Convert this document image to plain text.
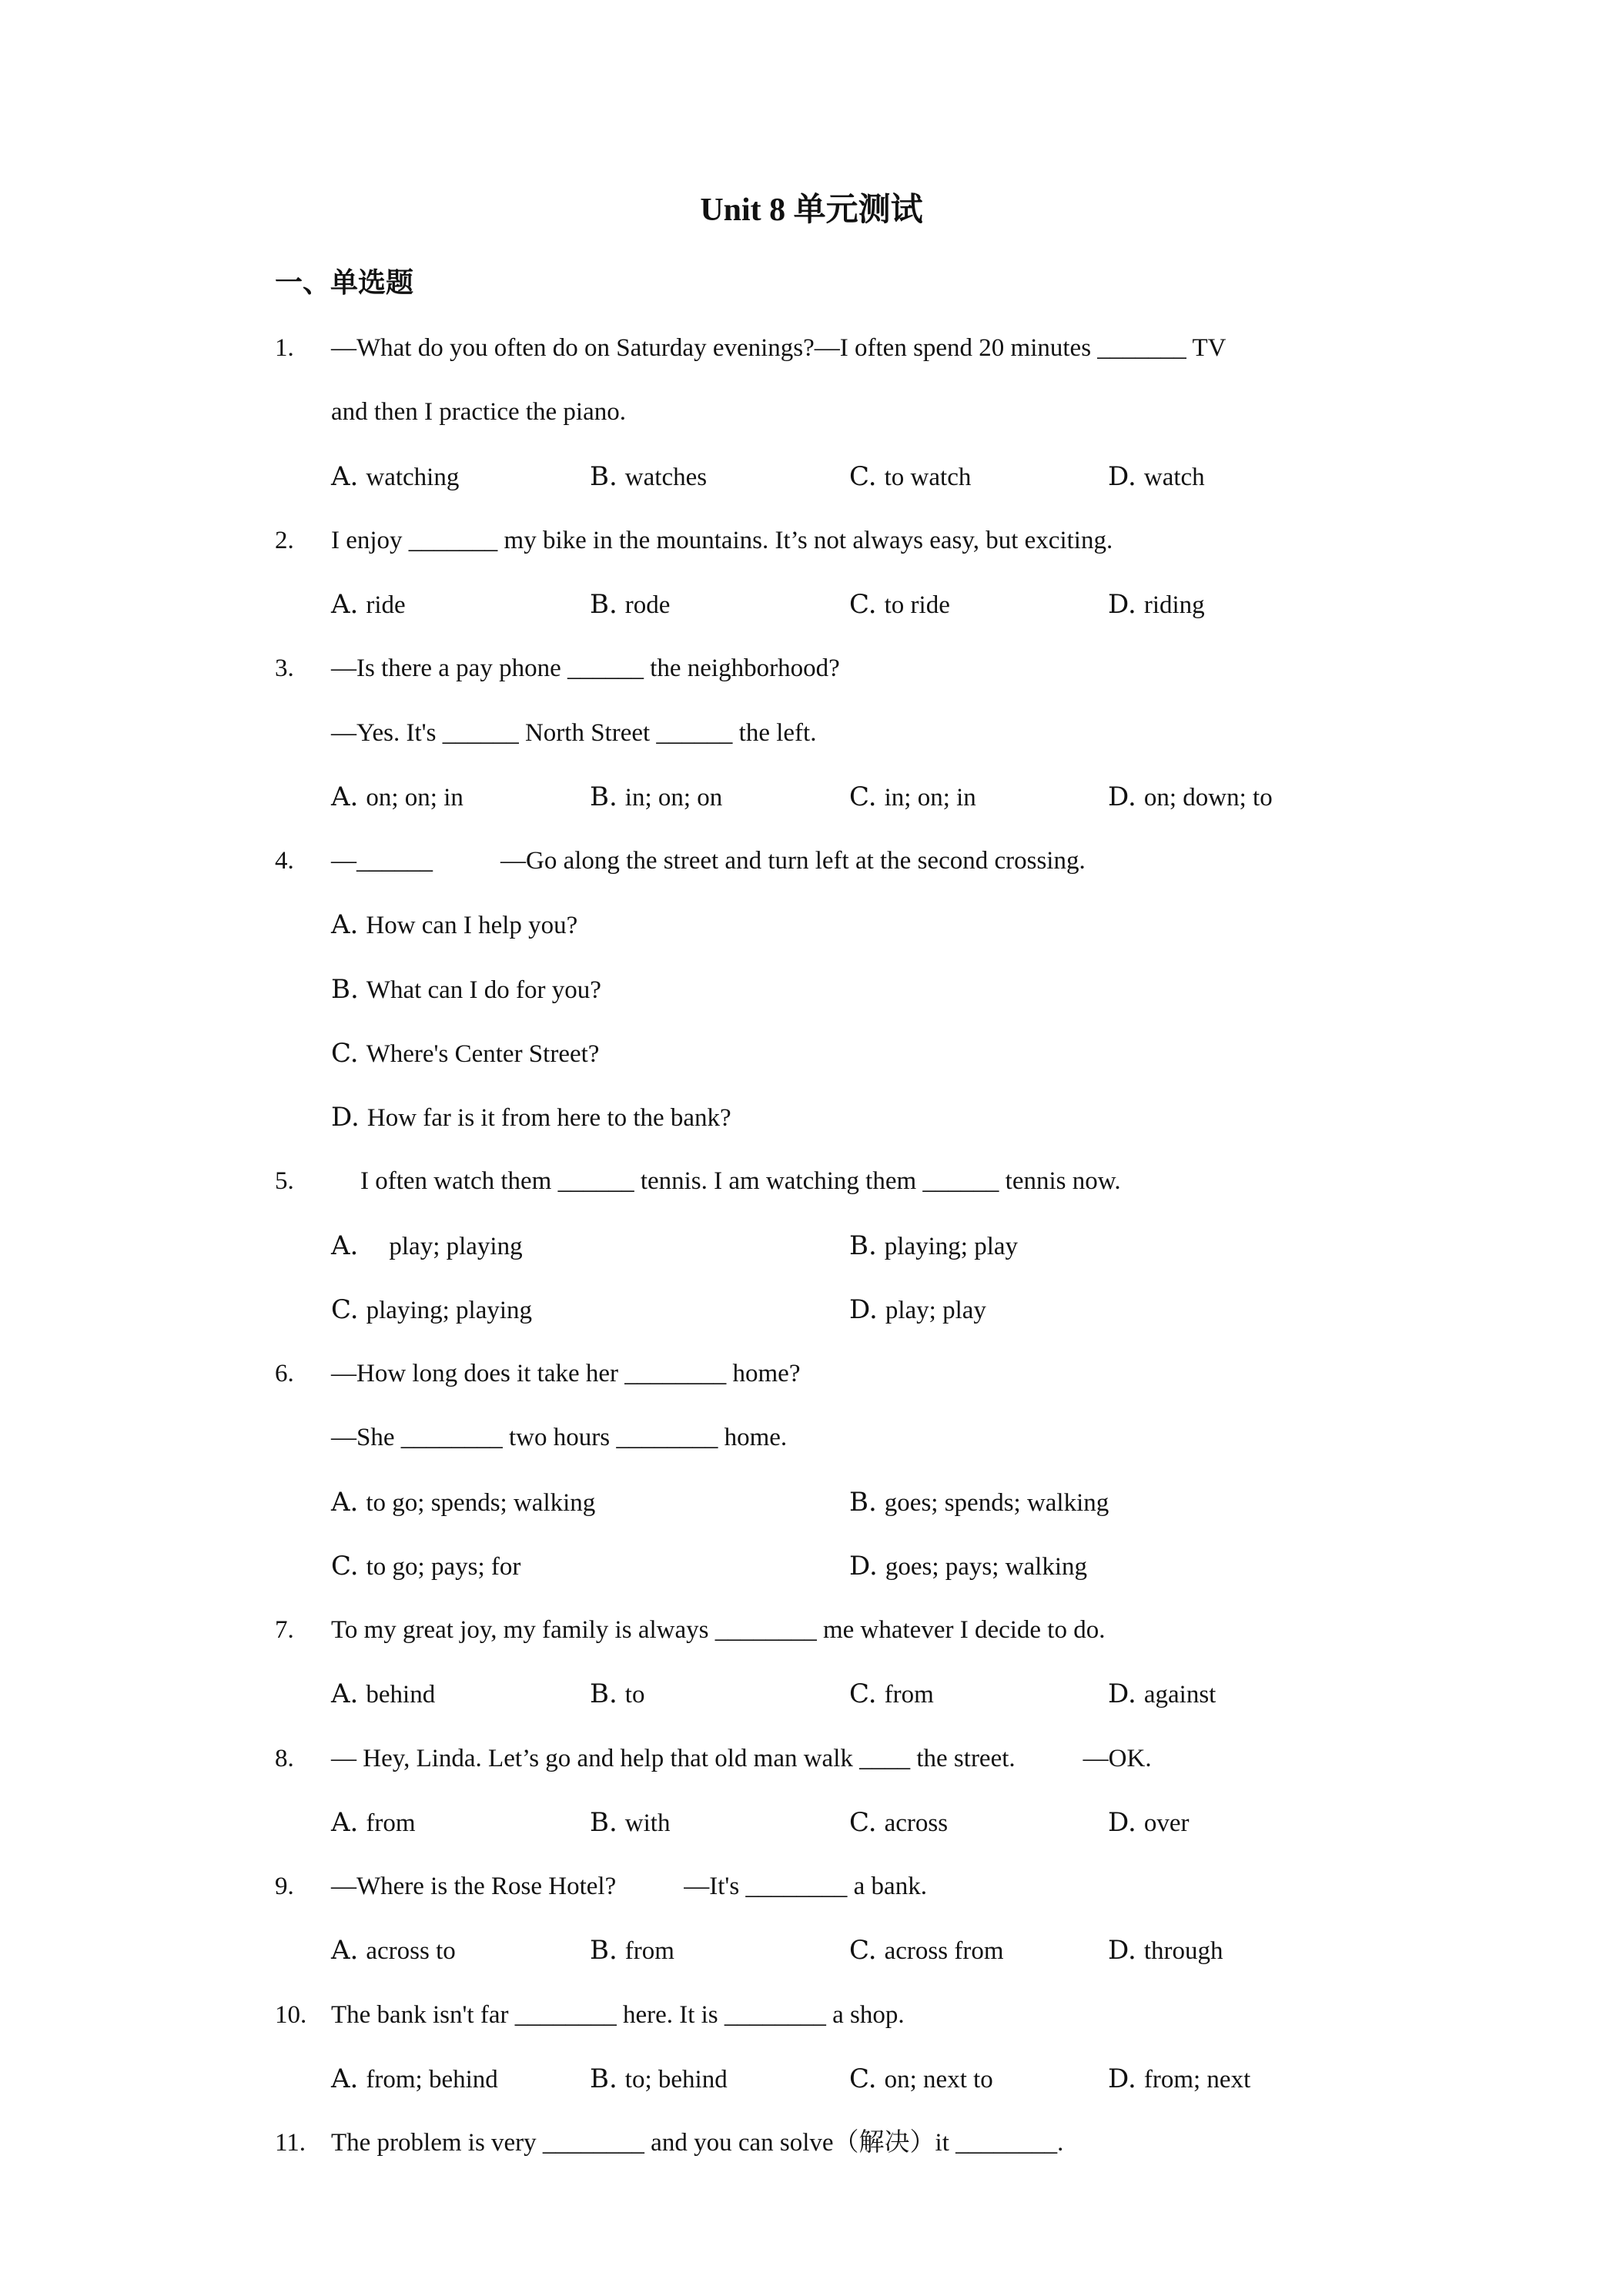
Unit 8 单元测试
一、单选题
1. —What do you often do on Saturday evenings?—I often spend 20 minutes _______ TV
and then I practice the piano.
A. watching	B. watches	C. to watch	D. watch
2. I enjoy _______ my bike in the mountains. It’s not always easy, but exciting.
A. ride	B. rode	C. to ride	D. riding
3. —Is there a pay phone ______ the neighborhood?
—Yes. It's ______ North Street ______ the left.
A. on; on; in	B. in; on; on	C. in; on; in	D. on; down; to
4. —______	—Go along the street and turn left at the second crossing.
A. How can I help you?
B. What can I do for you?
C. Where's Center Street?
D. How far is it from here to the bank?
5.	I often watch them ______ tennis. I am watching them ______ tennis now.
A. play; playing	B. playing; play
C. playing; playing	D. play; play
6. —How long does it take her ________ home?
—She ________ two hours ________ home.
A. to go; spends; walking	B. goes; spends; walking
C. to go; pays; for	D. goes; pays; walking
7. To my great joy, my family is always ________ me whatever I decide to do.
A. behind	B. to	C. from	D. against
8. — Hey, Linda. Let’s go and help that old man walk ____ the street.	—OK.
A. from	B. with	C. across	D. over
9. —Where is the Rose Hotel?	—It's ________ a bank.
A. across to	B. from	C. across from	D. through
10. The bank isn't far ________ here. It is ________ a shop.
A. from; behind	B. to; behind	C. on; next to	D. from; next
11. The problem is very ________ and you can solve（解决）it ________.
